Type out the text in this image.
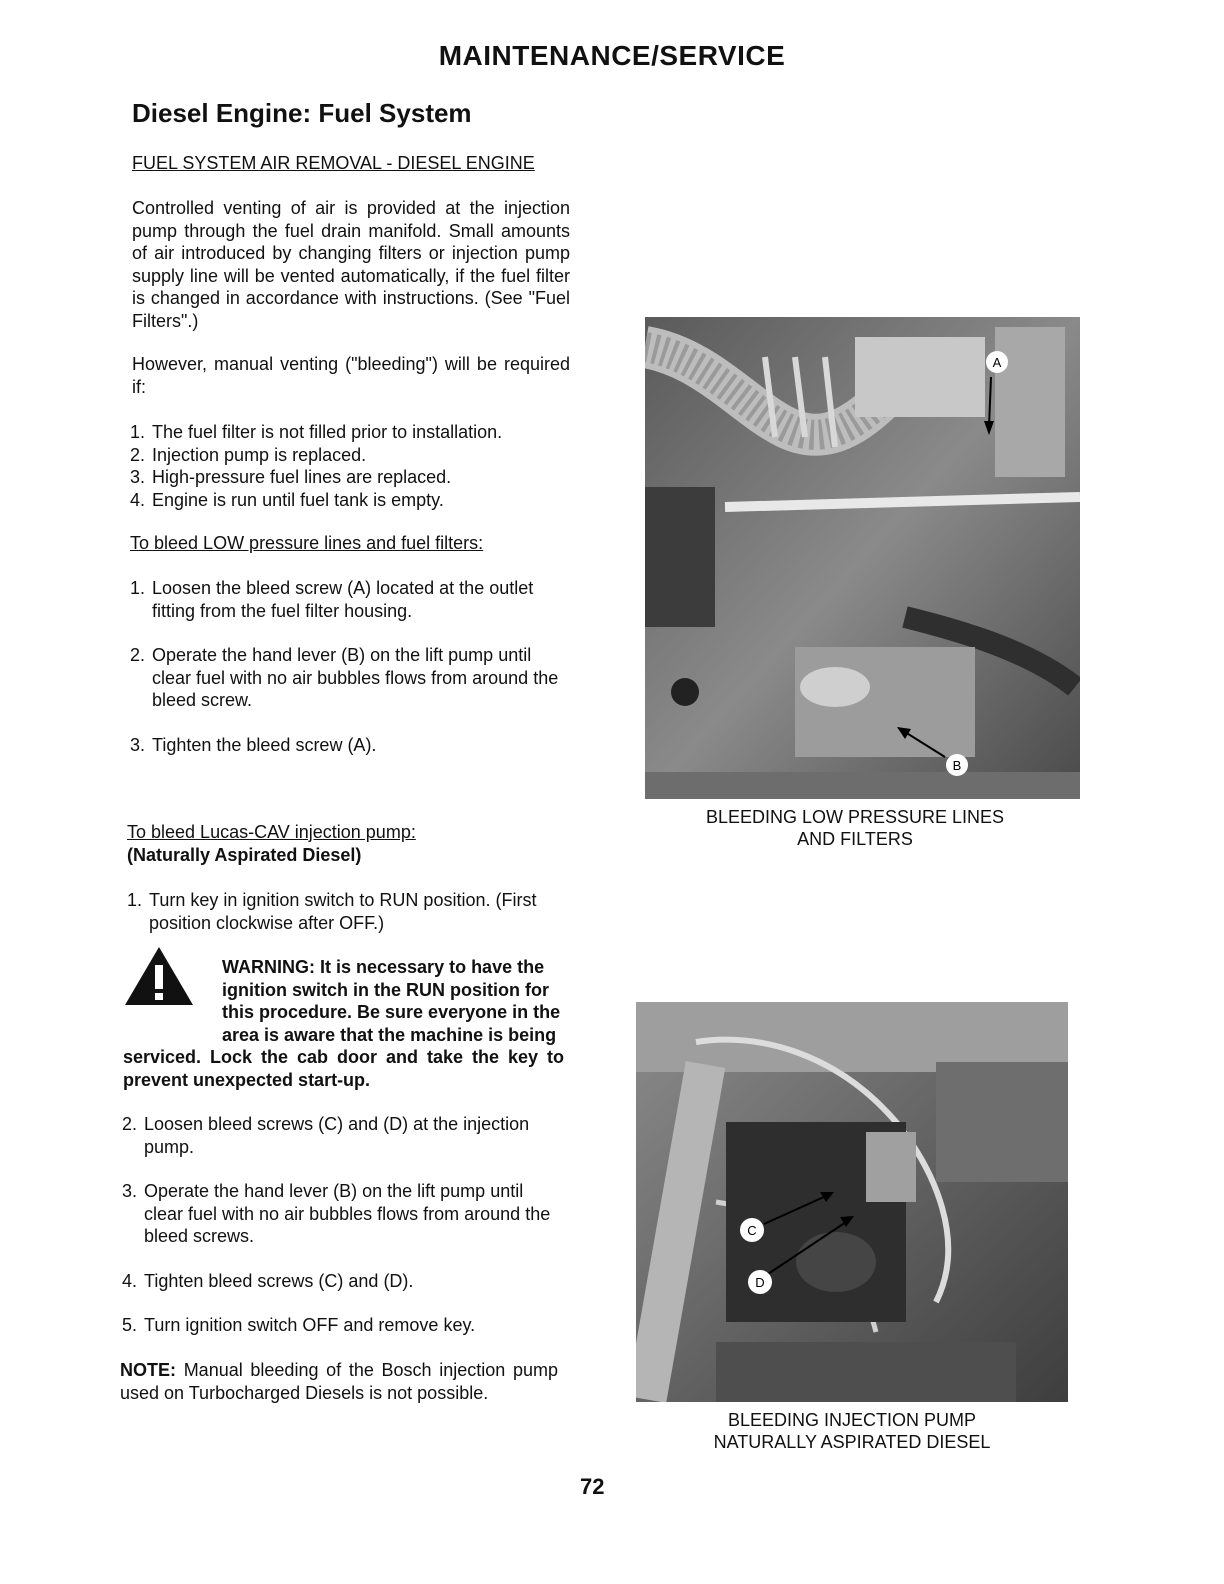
MAINTENANCE/SERVICE
Diesel Engine: Fuel System
FUEL SYSTEM AIR REMOVAL - DIESEL ENGINE
Controlled venting of air is provided at the injection pump through the fuel drain manifold. Small amounts of air introduced by changing filters or injection pump supply line will be vented automatically, if the fuel filter is changed in accordance with instructions. (See "Fuel Filters".)
However, manual venting ("bleeding") will be required if:
1. The fuel filter is not filled prior to installation.
2. Injection pump is replaced.
3. High-pressure fuel lines are replaced.
4. Engine is run until fuel tank is empty.
To bleed LOW pressure lines and fuel filters:
1. Loosen the bleed screw (A) located at the outlet fitting from the fuel filter housing.
2. Operate the hand lever (B) on the lift pump until clear fuel with no air bubbles flows from around the bleed screw.
3. Tighten the bleed screw (A).
To bleed Lucas-CAV injection pump:
(Naturally Aspirated Diesel)
1. Turn key in ignition switch to RUN position. (First position clockwise after OFF.)
WARNING: It is necessary to have the
ignition switch in the RUN position for
this procedure. Be sure everyone in the
area is aware that the machine is being
serviced. Lock the cab door and take the key to prevent unexpected start-up.
2. Loosen bleed screws (C) and (D) at the injection pump.
3. Operate the hand lever (B) on the lift pump until clear fuel with no air bubbles flows from around the bleed screws.
4. Tighten bleed screws (C) and (D).
5. Turn ignition switch OFF and remove key.
NOTE: Manual bleeding of the Bosch injection pump used on Turbocharged Diesels is not possible.
A
B
BLEEDING LOW PRESSURE LINES
AND FILTERS
C
D
BLEEDING INJECTION PUMP
NATURALLY ASPIRATED DIESEL
72
